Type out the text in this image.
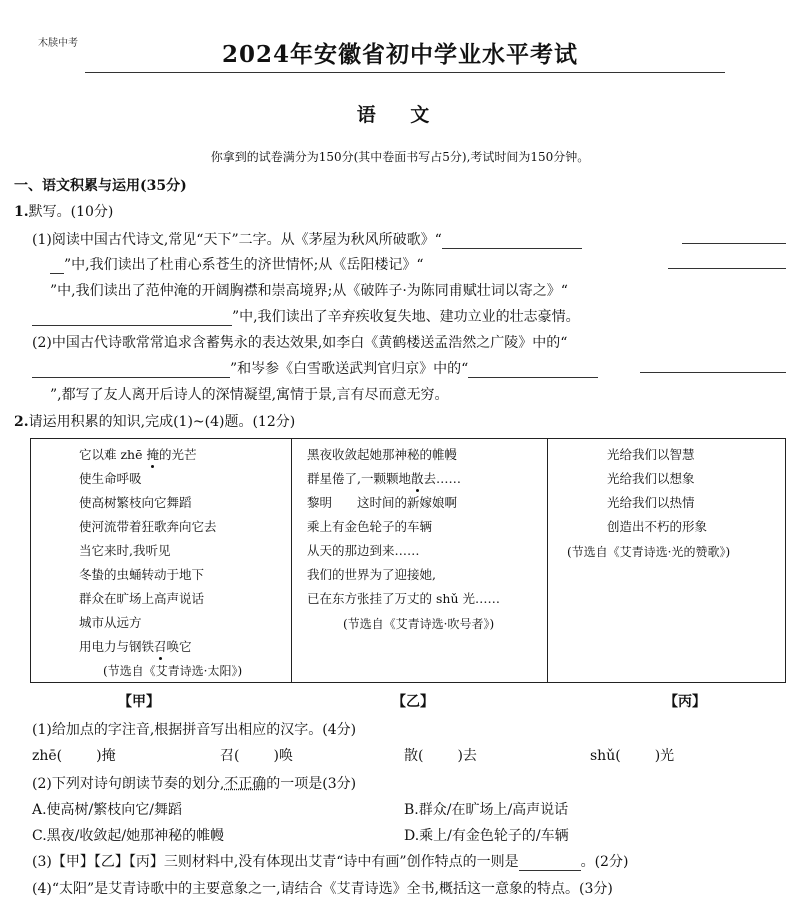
木牍中考	2024年安徽省初中学业水平考试
语 文
你拿到的试卷满分为150分(其中卷面书写占5分),考试时间为150分钟。
一、语文积累与运用(35分)
1.默写。(10分)
(1)阅读中国古代诗文,常见“天下”二字。从《茅屋为秋风所破歌》“
”中,我们读出了杜甫心系苍生的济世情怀;从《岳阳楼记》“
”中,我们读出了范仲淹的开阔胸襟和崇高境界;从《破阵子·为陈同甫赋壮词以寄之》“
”中,我们读出了辛弃疾收复失地、建功立业的壮志豪情。
(2)中国古代诗歌常常追求含蓄隽永的表达效果,如李白《黄鹤楼送孟浩然之广陵》中的“
”和岑参《白雪歌送武判官归京》中的“
”,都写了友人离开后诗人的深情凝望,寓情于景,言有尽而意无穷。
2.请运用积累的知识,完成(1)~(4)题。(12分)
它以难 zhē 掩的光芒
使生命呼吸
使高树繁枝向它舞蹈
使河流带着狂歌奔向它去
当它来时,我听见
冬蛰的虫蛹转动于地下
群众在旷场上高声说话
城市从远方
用电力与钢铁召唤它
(节选自《艾青诗选·太阳》)
黑夜收敛起她那神秘的帷幔
群星倦了,一颗颗地散去……
黎明　　这时间的新嫁娘啊
乘上有金色轮子的车辆
从天的那边到来……
我们的世界为了迎接她,
已在东方张挂了万丈的 shǔ 光……
(节选自《艾青诗选·吹号者》)
光给我们以智慧
光给我们以想象
光给我们以热情
创造出不朽的形象
(节选自《艾青诗选·光的赞歌》)
【甲】	【乙】	【丙】
(1)给加点的字注音,根据拼音写出相应的汉字。(4分)
zhē( )掩	召( )唤	散( )去	shǔ( )光
(2)下列对诗句朗读节奏的划分,不正确的一项是(3分)
A.使高树/繁枝向它/舞蹈	B.群众/在旷场上/高声说话
C.黑夜/收敛起/她那神秘的帷幔	D.乘上/有金色轮子的/车辆
(3)【甲】【乙】【丙】三则材料中,没有体现出艾青“诗中有画”创作特点的一则是	。(2分)
(4)“太阳”是艾青诗歌中的主要意象之一,请结合《艾青诗选》全书,概括这一意象的特点。(3分)
